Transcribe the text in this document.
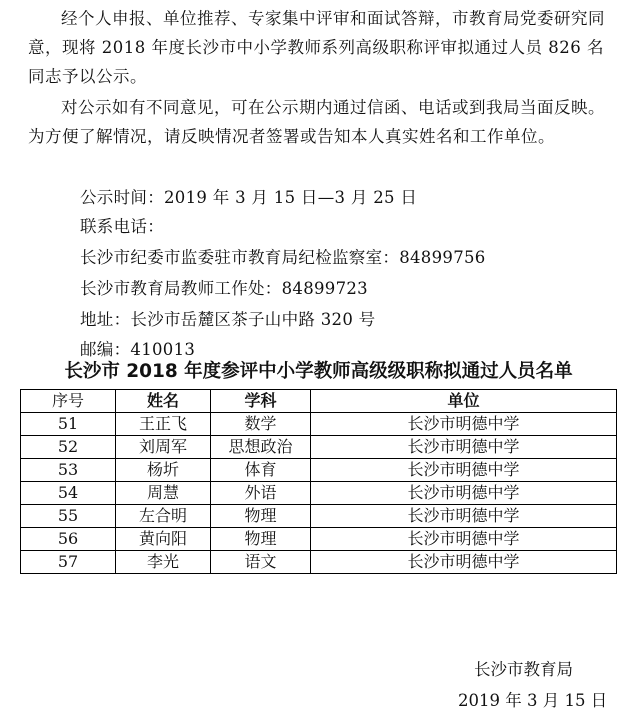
经个人申报、单位推荐、专家集中评审和面试答辩，市教育局党委研究同意，现将 2018 年度长沙市中小学教师系列高级职称评审拟通过人员 826 名同志予以公示。

对公示如有不同意见，可在公示期内通过信函、电话或到我局当面反映。为方便了解情况，请反映情况者签署或告知本人真实姓名和工作单位。

公示时间：2019 年 3 月 15 日—3 月 25 日

联系电话：

长沙市纪委市监委驻市教育局纪检监察室：84899756

长沙市教育局教师工作处：84899723

地址：长沙市岳麓区茶子山中路 320 号

邮编：410013

长沙市 2018 年度参评中小学教师高级级职称拟通过人员名单
序号	姓名	学科	单位
51	王正飞	数学	长沙市明德中学
52	刘周军	思想政治	长沙市明德中学
53	杨圻	体育	长沙市明德中学
54	周慧	外语	长沙市明德中学
55	左合明	物理	长沙市明德中学
56	黄向阳	物理	长沙市明德中学
57	李光	语文	长沙市明德中学

长沙市教育局

2019 年 3 月 15 日
